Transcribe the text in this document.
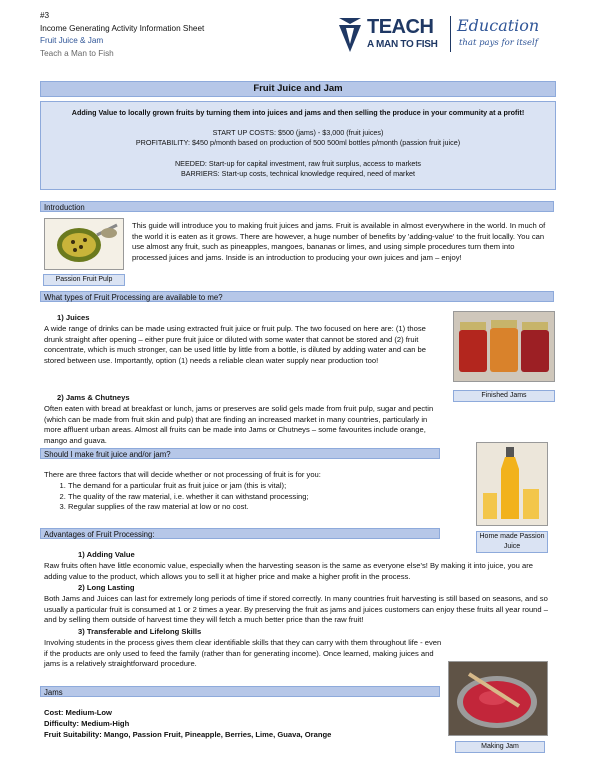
#3
Income Generating Activity Information Sheet
Fruit Juice & Jam
Teach a Man to Fish
TEACH
A MAN TO FISH
Education
that pays for itself
Fruit Juice and Jam

Adding Value to locally grown fruits by turning them into juices and jams and then selling the produce in your community at a profit!

START UP COSTS: $500 (jams) - $3,000 (fruit juices)

PROFITABILITY: $450 p/month based on production of 500 500ml bottles p/month (passion fruit juice)

NEEDED: Start-up for capital investment, raw fruit surplus, access to markets

BARRIERS: Start-up costs, technical knowledge required, need of market

Introduction
Passion Fruit Pulp
This guide will introduce you to making fruit juices and jams. Fruit is available in almost everywhere in the world. In much of the world it is eaten as it grows. There are however, a huge number of benefits by 'adding-value' to the fruit locally. You can use almost any fruit, such as pineapples, mangoes, bananas or limes, and using simple procedures turn them into processed juices and jams. Inside is an introduction to producing your own juices and jam – enjoy!
What types of Fruit Processing are available to me?
1) Juices
A wide range of drinks can be made using extracted fruit juice or fruit pulp. The two focused on here are: (1) those drunk straight after opening – either pure fruit juice or diluted with some water that cannot be stored and (2) fruit concentrate, which is much stronger, can be used little by little from a bottle, is diluted by adding water and can be stored between use. Importantly, option (1) needs a reliable clean water supply near production too!
Finished Jams
2) Jams & Chutneys
Often eaten with bread at breakfast or lunch, jams or preserves are solid gels made from fruit pulp, sugar and pectin (which can be made from fruit skin and pulp) that are finding an increased market in many countries, particularly in more affluent urban areas. Almost all fruits can be made into Jams or Chutneys – some favourites include orange, mango and guava.
Should I make fruit juice and/or jam?
There are three factors that will decide whether or not processing of fruit is for you:
1. The demand for a particular fruit as fruit juice or jam (this is vital);
2. The quality of the raw material, i.e. whether it can withstand processing;
3. Regular supplies of the raw material at low or no cost.
Home made Passion Juice
Advantages of Fruit Processing:
1) Adding Value
Raw fruits often have little economic value, especially when the harvesting season is the same as everyone else's! By making it into juice, you are adding value to the product, which allows you to sell it at higher price and make a higher profit in the process.
2) Long Lasting
Both Jams and Juices can last for extremely long periods of time if stored correctly. In many countries fruit harvesting is still based on seasons, and so usually a particular fruit is consumed at 1 or 2 times a year. By preserving the fruit as jams and juices customers can enjoy these fruits all year round – and by selling them outside of harvest time they will fetch a much better price than the raw fruit!
3) Transferable and Lifelong Skills
Involving students in the process gives them clear identifiable skills that they can carry with them throughout life - even if the products are only used to feed the family (rather than for generating income). Once learned, making juices and jams is a relatively straightforward procedure.
Jams
Cost: Medium-Low
Difficulty: Medium-High
Fruit Suitability: Mango, Passion Fruit, Pineapple, Berries, Lime, Guava, Orange
Making Jam
